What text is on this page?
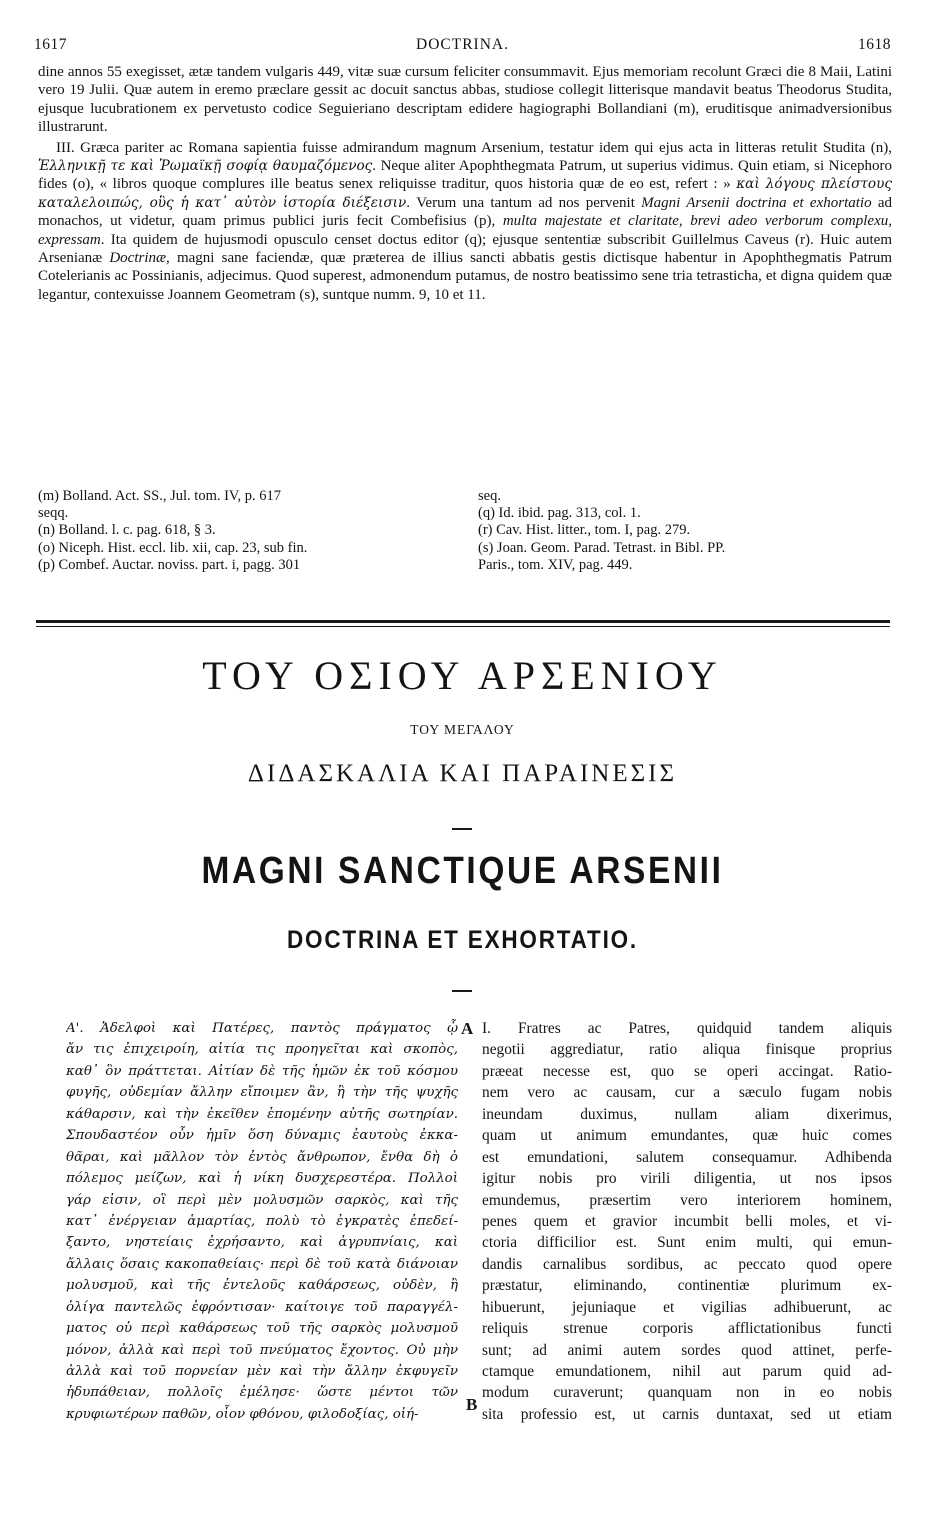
1617	DOCTRINA.	1618

dine annos 55 exegisset, ætæ tandem vulgaris 449, vitæ suæ cursum feliciter consummavit. Ejus memoriam recolunt Græci die 8 Maii, Latini vero 19 Julii. Quæ autem in eremo præclare gessit ac docuit sanctus abbas, studiose collegit litterisque mandavit beatus Theodorus Studita, ejusque lucubrationem ex pervetusto codice Seguieriano descriptam edidere hagiographi Bollandiani (m), eruditisque animadversionibus illustrarunt.

III. Græca pariter ac Romana sapientia fuisse admirandum magnum Arsenium, testatur idem qui ejus acta in litteras retulit Studita (n), Ἑλληνικῇ τε καὶ Ῥωμαϊκῇ σοφίᾳ θαυμαζόμενος. Neque aliter Apophthegmata Patrum, ut superius vidimus. Quin etiam, si Nicephoro fides (o), « libros quoque complures ille beatus senex reliquisse traditur, quos historia quæ de eo est, refert : » καὶ λόγους πλείστους καταλελοιπώς, οὓς ἡ κατ᾽ αὐτὸν ἱστορία διέξεισιν. Verum una tantum ad nos pervenit Magni Arsenii doctrina et exhortatio ad monachos, ut videtur, quam primus publici juris fecit Combefisius (p), multa majestate et claritate, brevi adeo verborum complexu, expressam. Ita quidem de hujusmodi opusculo censet doctus editor (q); ejusque sententiæ subscribit Guillelmus Caveus (r). Huic autem Arsenianæ Doctrinæ, magni sane faciendæ, quæ præterea de illius sancti abbatis gestis dictisque habentur in Apophthegmatis Patrum Cotelerianis ac Possinianis, adjecimus. Quod superest, admonendum putamus, de nostro beatissimo sene tria tetrasticha, et digna quidem quæ legantur, contexuisse Joannem Geometram (s), suntque numm. 9, 10 et 11.

(m) Bolland. Act. SS., Jul. tom. IV, p. 617
seqq.
(n) Bolland. l. c. pag. 618, § 3.
(o) Niceph. Hist. eccl. lib. xii, cap. 23, sub fin.
(p) Combef. Auctar. noviss. part. i, pagg. 301
seq.
(q) Id. ibid. pag. 313, col. 1.
(r) Cav. Hist. litter., tom. I, pag. 279.
(s) Joan. Geom. Parad. Tetrast. in Bibl. PP.
Paris., tom. XIV, pag. 449.
ΤΟΥ ΟΣΙΟΥ ΑΡΣΕΝΙΟΥ
ΤΟΥ ΜΕΓΑΛΟΥ
ΔΙΔΑΣΚΑΛΙΑ ΚΑΙ ΠΑΡΑΙΝΕΣΙΣ
MAGNI SANCTIQUE ARSENII
DOCTRINA ET EXHORTATIO.
A
B
Α'. Ἀδελφοὶ καὶ Πατέρες, παντὸς πράγματος ᾧ
ἄν τις ἐπιχειροίη, αἰτία τις προηγεῖται καὶ σκοπὸς,
καθ᾽ ὃν πράττεται. Αἰτίαν δὲ τῆς ἡμῶν ἐκ τοῦ κόσμου
φυγῆς, οὐδεμίαν ἄλλην εἴποιμεν ἂν, ἢ τὴν τῆς ψυχῆς
κάθαρσιν, καὶ τὴν ἐκεῖθεν ἑπομένην αὐτῆς σωτηρίαν.
Σπουδαστέον οὖν ἡμῖν ὅση δύναμις ἑαυτοὺς ἐκκα-
θᾶραι, καὶ μᾶλλον τὸν ἐντὸς ἄνθρωπον, ἔνθα δὴ ὁ
πόλεμος μείζων, καὶ ἡ νίκη δυσχερεστέρα. Πολλοὶ
γάρ εἰσιν, οἳ περὶ μὲν μολυσμῶν σαρκὸς, καὶ τῆς
κατ᾽ ἐνέργειαν ἁμαρτίας, πολὺ τὸ ἐγκρατὲς ἐπεδεί-
ξαντο, νηστείαις ἐχρήσαντο, καὶ ἀγρυπνίαις, καὶ
ἄλλαις ὅσαις κακοπαθείαις· περὶ δὲ τοῦ κατὰ διάνοιαν
μολυσμοῦ, καὶ τῆς ἐντελοῦς καθάρσεως, οὐδὲν, ἢ
ὀλίγα παντελῶς ἐφρόντισαν· καίτοιγε τοῦ παραγγέλ-
ματος οὐ περὶ καθάρσεως τοῦ τῆς σαρκὸς μολυσμοῦ
μόνον, ἀλλὰ καὶ περὶ τοῦ πνεύματος ἔχοντος. Οὐ μὴν
ἀλλὰ καὶ τοῦ πορνείαν μὲν καὶ τὴν ἄλλην ἐκφυγεῖν
ἡδυπάθειαν, πολλοῖς ἐμέλησε· ὥστε μέντοι τῶν
κρυφιωτέρων παθῶν, οἷον φθόνου, φιλοδοξίας, οἰή-
I. Fratres ac Patres, quidquid tandem aliquis
negotii aggrediatur, ratio aliqua finisque proprius
præeat necesse est, quo se operi accingat. Ratio-
nem vero ac causam, cur a sæculo fugam nobis
ineundam duximus, nullam aliam dixerimus,
quam ut animum emundantes, quæ huic comes
est emundationi, salutem consequamur. Adhibenda
igitur nobis pro virili diligentia, ut nos ipsos
emundemus, præsertim vero interiorem hominem,
penes quem et gravior incumbit belli moles, et vi-
ctoria difficilior est. Sunt enim multi, qui emun-
dandis carnalibus sordibus, ac peccato quod opere
præstatur, eliminando, continentiæ plurimum ex-
hibuerunt, jejuniaque et vigilias adhibuerunt, ac
reliquis strenue corporis afflictationibus functi
sunt; ad animi autem sordes quod attinet, perfe-
ctamque emundationem, nihil aut parum quid ad-
modum curaverunt; quanquam non in eo nobis
sita professio est, ut carnis duntaxat, sed ut etiam
